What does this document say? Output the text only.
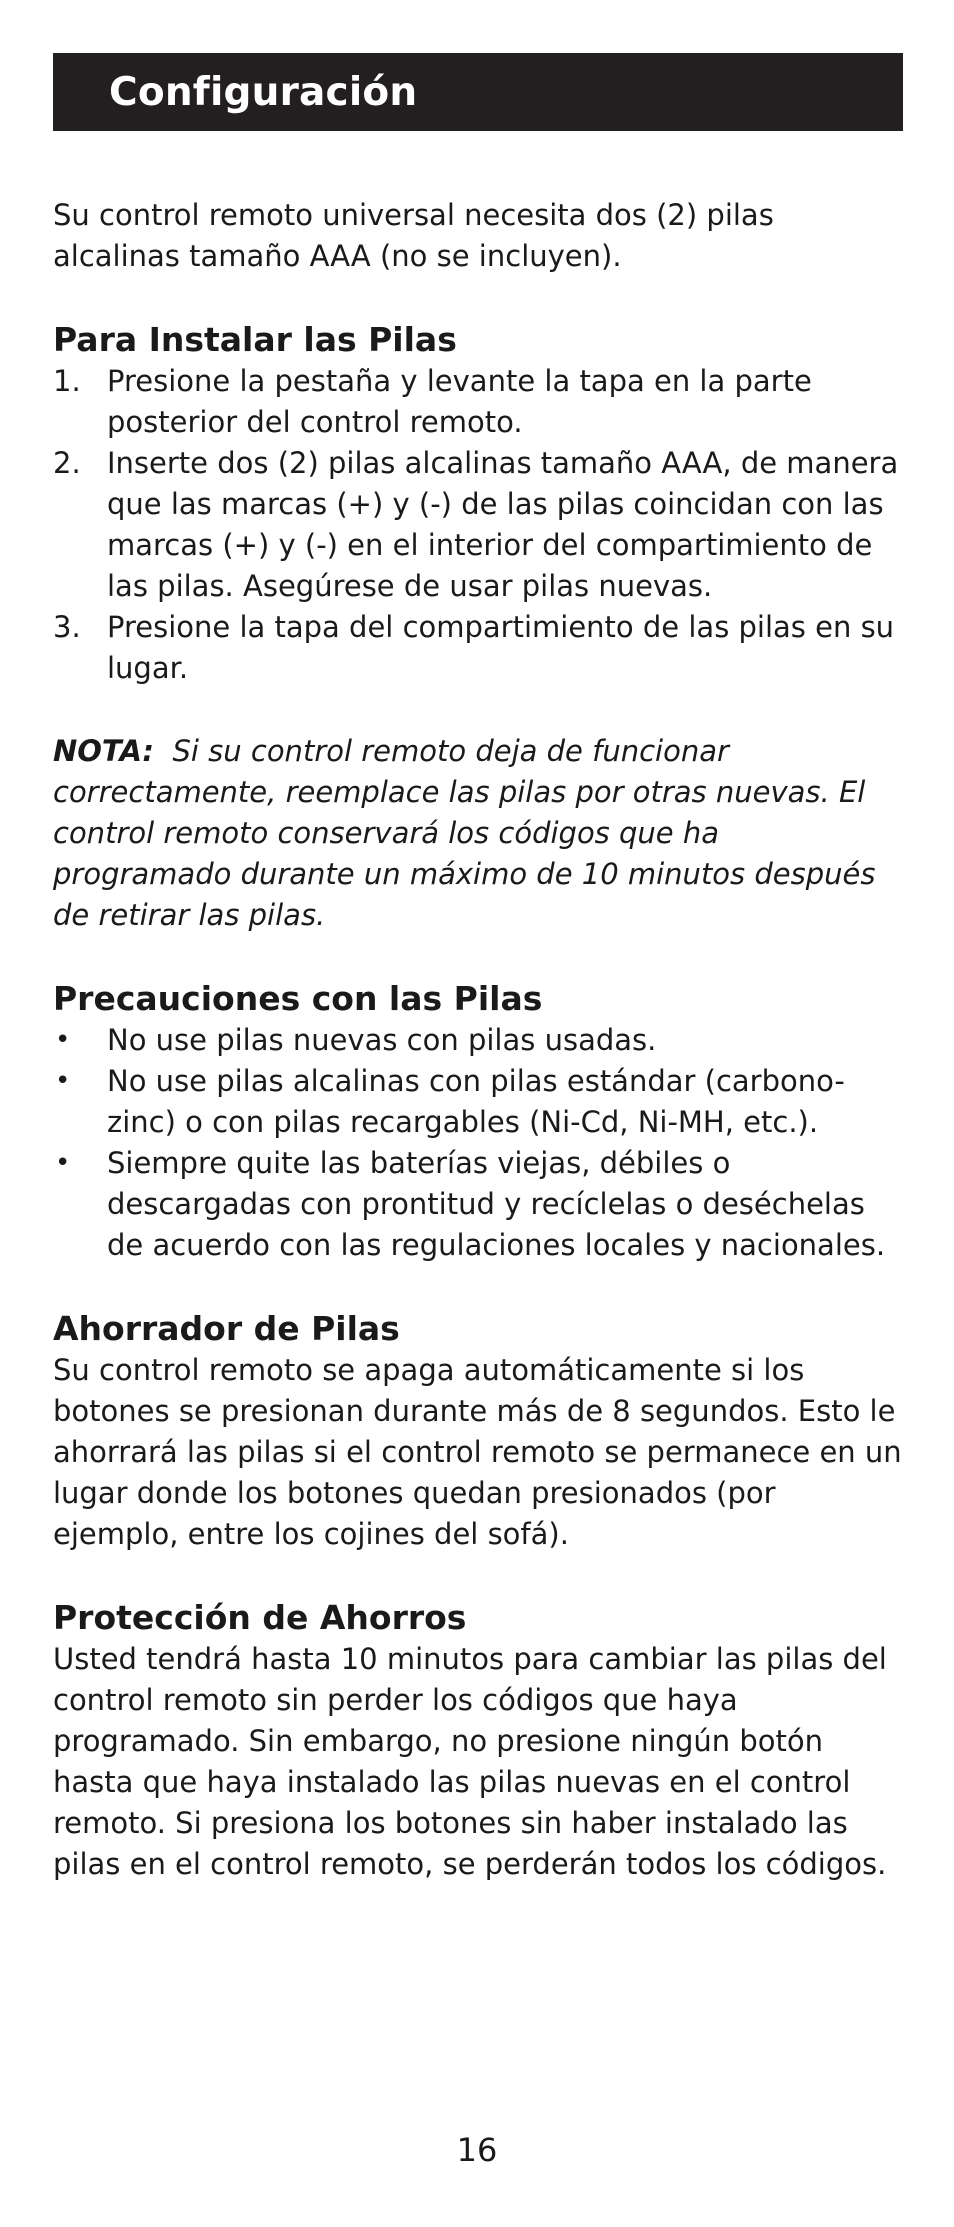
Configuración

Su control remoto universal necesita dos (2) pilas alcalinas tamaño AAA (no se incluyen).

Para Instalar las Pilas
1. Presione la pestaña y levante la tapa en la parte posterior del control remoto.
2. Inserte dos (2) pilas alcalinas tamaño AAA, de manera que las marcas (+) y (-) de las pilas coincidan con las marcas (+) y (-) en el interior del compartimiento de las pilas. Asegúrese de usar pilas nuevas.
3. Presione la tapa del compartimiento de las pilas en su lugar.

NOTA: Si su control remoto deja de funcionar correctamente, reemplace las pilas por otras nuevas. El control remoto conservará los códigos que ha programado durante un máximo de 10 minutos después de retirar las pilas.

Precauciones con las Pilas
•	No use pilas nuevas con pilas usadas.
•	No use pilas alcalinas con pilas estándar (carbono-zinc) o con pilas recargables (Ni-Cd, Ni-MH, etc.).
•	Siempre quite las baterías viejas, débiles o descargadas con prontitud y recíclelas o deséchelas de acuerdo con las regulaciones locales y nacionales.
Ahorrador de Pilas

Su control remoto se apaga automáticamente si los botones se presionan durante más de 8 segundos. Esto le ahorrará las pilas si el control remoto se permanece en un lugar donde los botones quedan presionados (por ejemplo, entre los cojines del sofá).

Protección de Ahorros

Usted tendrá hasta 10 minutos para cambiar las pilas del control remoto sin perder los códigos que haya programado. Sin embargo, no presione ningún botón hasta que haya instalado las pilas nuevas en el control remoto. Si presiona los botones sin haber instalado las pilas en el control remoto, se perderán todos los códigos.

16
